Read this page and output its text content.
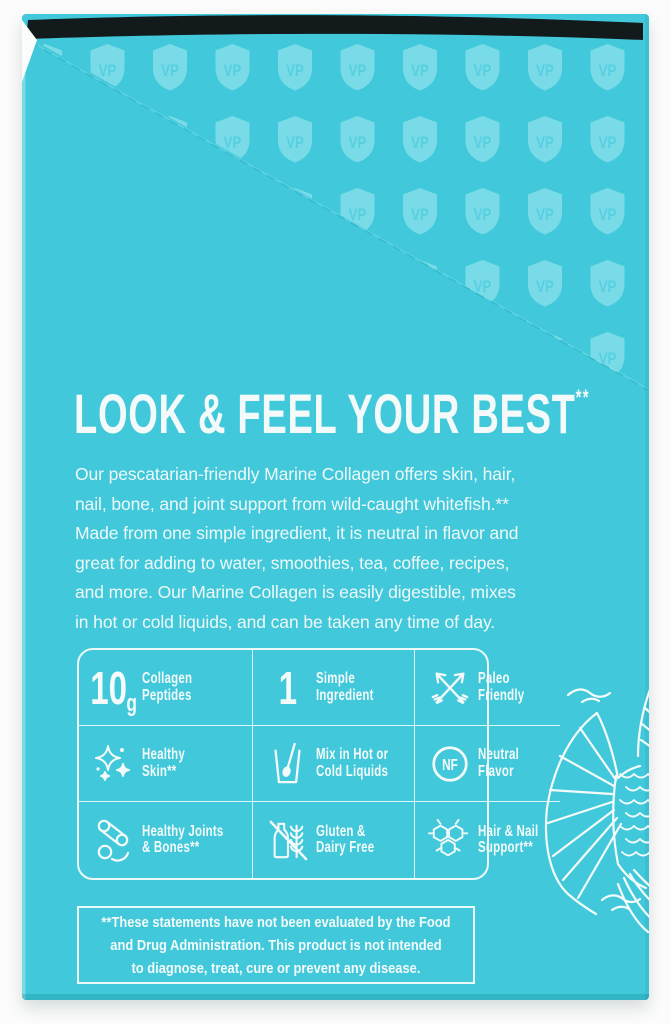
LOOK & FEEL YOUR BEST**
Our pescatarian-friendly Marine Collagen offers skin, hair,
nail, bone, and joint support from wild-caught whitefish.**
Made from one simple ingredient, it is neutral in flavor and
great for adding to water, smoothies, tea, coffee, recipes,
and more. Our Marine Collagen is easily digestible, mixes
in hot or cold liquids, and can be taken any time of day.
10g
Collagen
Peptides 1 Simple
Ingredient
Paleo
Friendly
Healthy
Skin**
Mix in Hot or
Cold Liquids	NF
Neutral
Flavor
Healthy Joints
& Bones**
Gluten &
Dairy Free
Hair & Nail
Support**
**These statements have not been evaluated by the Food
and Drug Administration. This product is not intended
to diagnose, treat, cure or prevent any disease.
